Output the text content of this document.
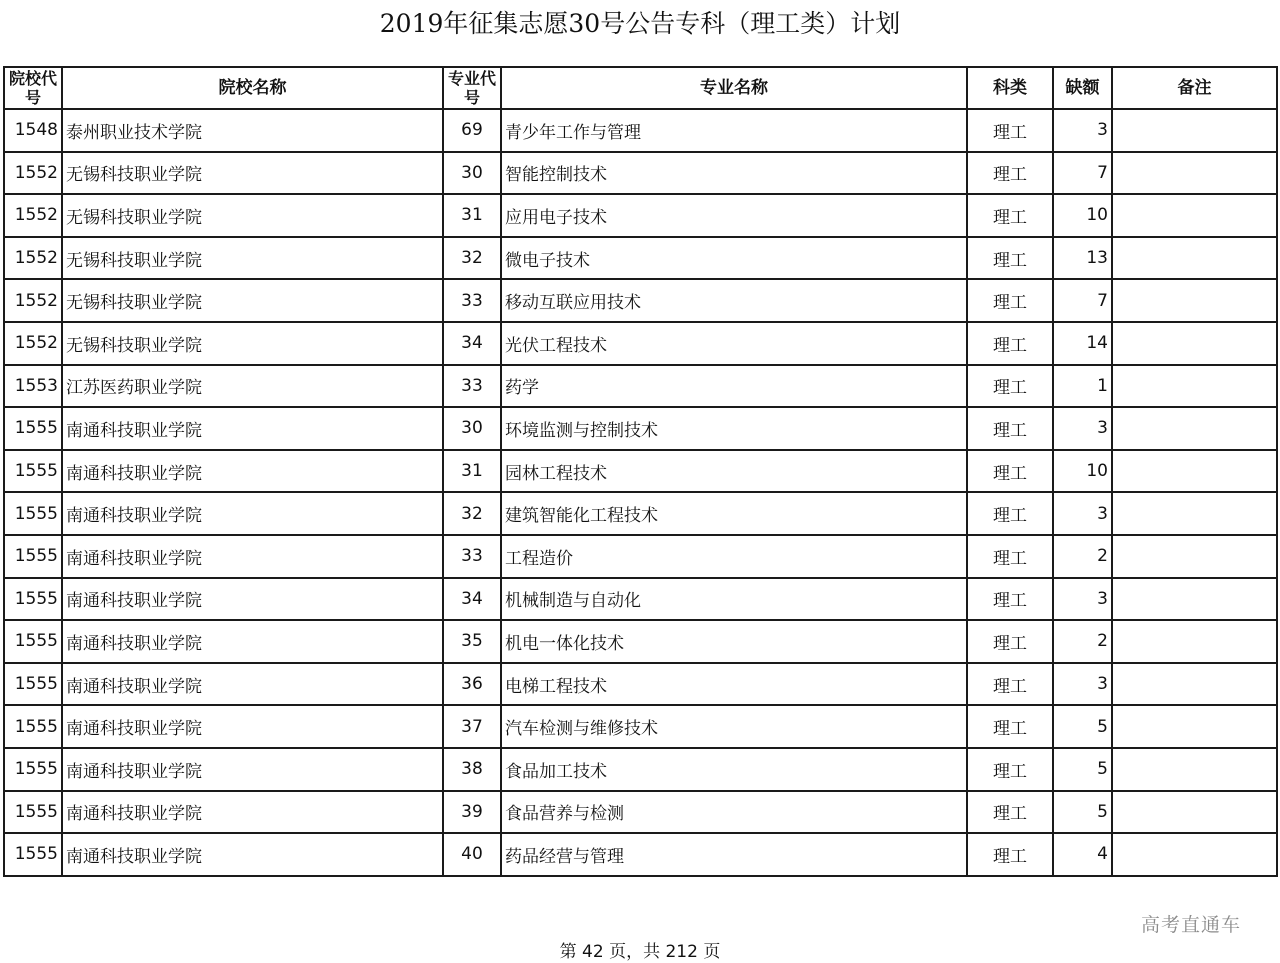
2019年征集志愿30号公告专科（理工类）计划
院校代号	院校名称	专业代号	专业名称	科类	缺额	备注
1548	泰州职业技术学院	69	青少年工作与管理	理工	3	
1552	无锡科技职业学院	30	智能控制技术	理工	7	
1552	无锡科技职业学院	31	应用电子技术	理工	10	
1552	无锡科技职业学院	32	微电子技术	理工	13	
1552	无锡科技职业学院	33	移动互联应用技术	理工	7	
1552	无锡科技职业学院	34	光伏工程技术	理工	14	
1553	江苏医药职业学院	33	药学	理工	1	
1555	南通科技职业学院	30	环境监测与控制技术	理工	3	
1555	南通科技职业学院	31	园林工程技术	理工	10	
1555	南通科技职业学院	32	建筑智能化工程技术	理工	3	
1555	南通科技职业学院	33	工程造价	理工	2	
1555	南通科技职业学院	34	机械制造与自动化	理工	3	
1555	南通科技职业学院	35	机电一体化技术	理工	2	
1555	南通科技职业学院	36	电梯工程技术	理工	3	
1555	南通科技职业学院	37	汽车检测与维修技术	理工	5	
1555	南通科技职业学院	38	食品加工技术	理工	5	
1555	南通科技职业学院	39	食品营养与检测	理工	5	
1555	南通科技职业学院	40	药品经营与管理	理工	4	
高考直通车
第 42 页，共 212 页
